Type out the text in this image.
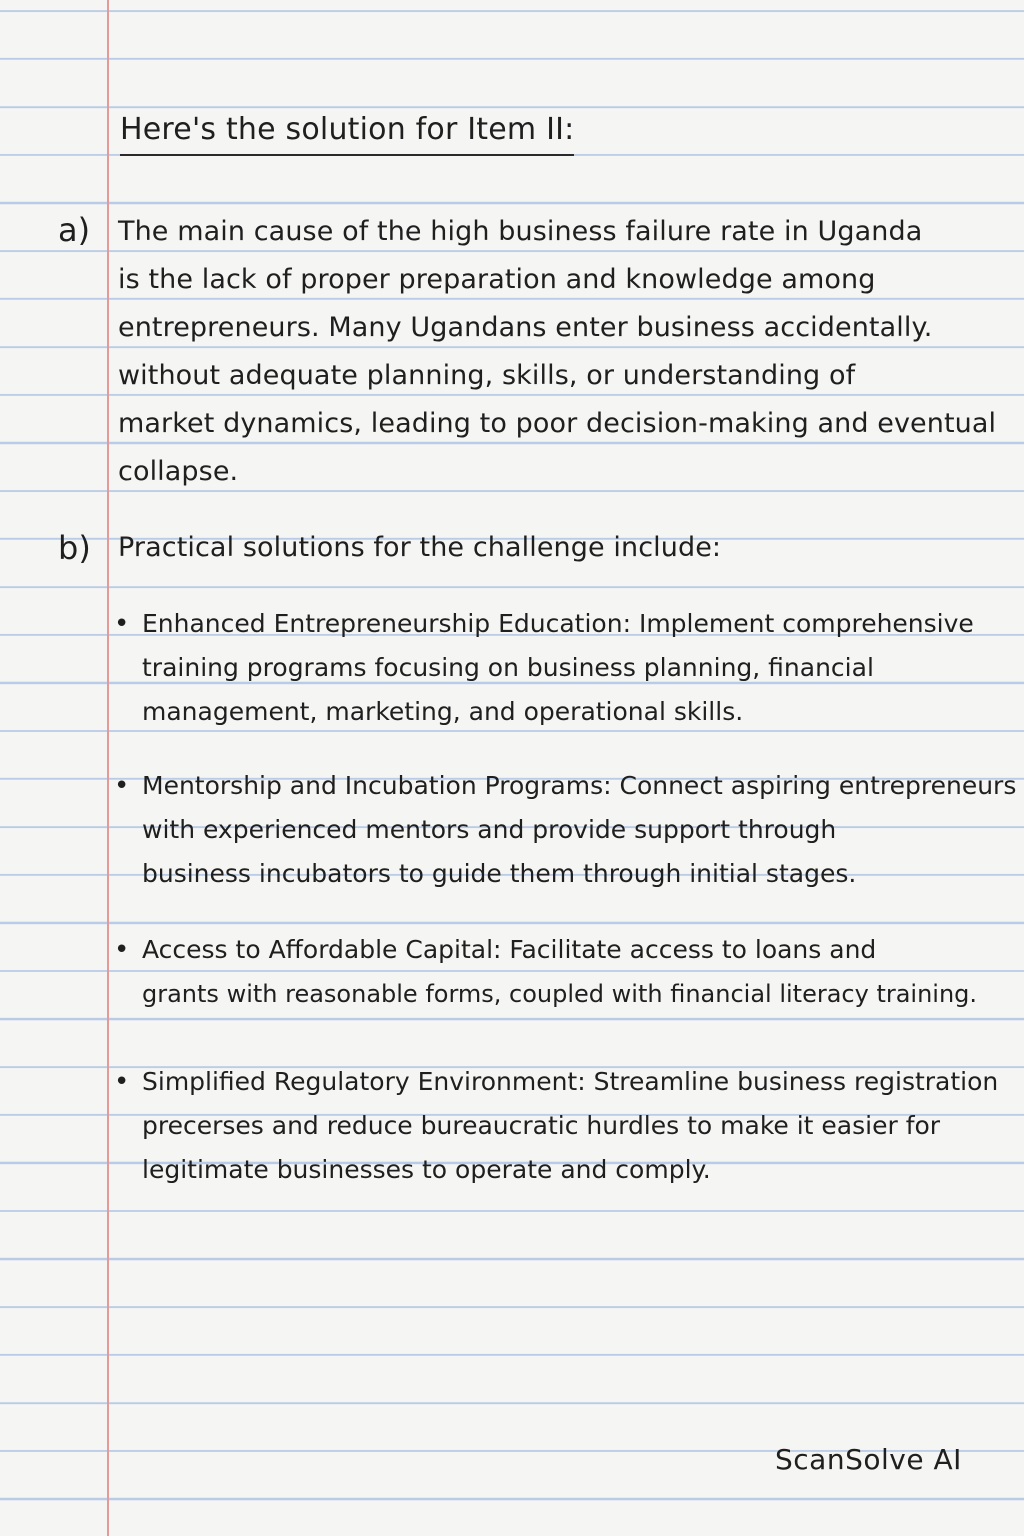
Here's the solution for Item II:
a) The main cause of the high business failure rate in Uganda
is the lack of proper preparation and knowledge among
entrepreneurs. Many Ugandans enter business accidentally.
without adequate planning, skills, or understanding of
market dynamics, leading to poor decision-making and eventual
collapse.
b) Practical solutions for the challenge include:
• Enhanced Entrepreneurship Education: Implement comprehensive
training programs focusing on business planning, financial
management, marketing, and operational skills.
• Mentorship and Incubation Programs: Connect aspiring entrepreneurs
with experienced mentors and provide support through
business incubators to guide them through initial stages.
• Access to Affordable Capital: Facilitate access to loans and
grants with reasonable forms, coupled with financial literacy training.
• Simplified Regulatory Environment: Streamline business registration
precerses and reduce bureaucratic hurdles to make it easier for
legitimate businesses to operate and comply.
ScanSolve AI
